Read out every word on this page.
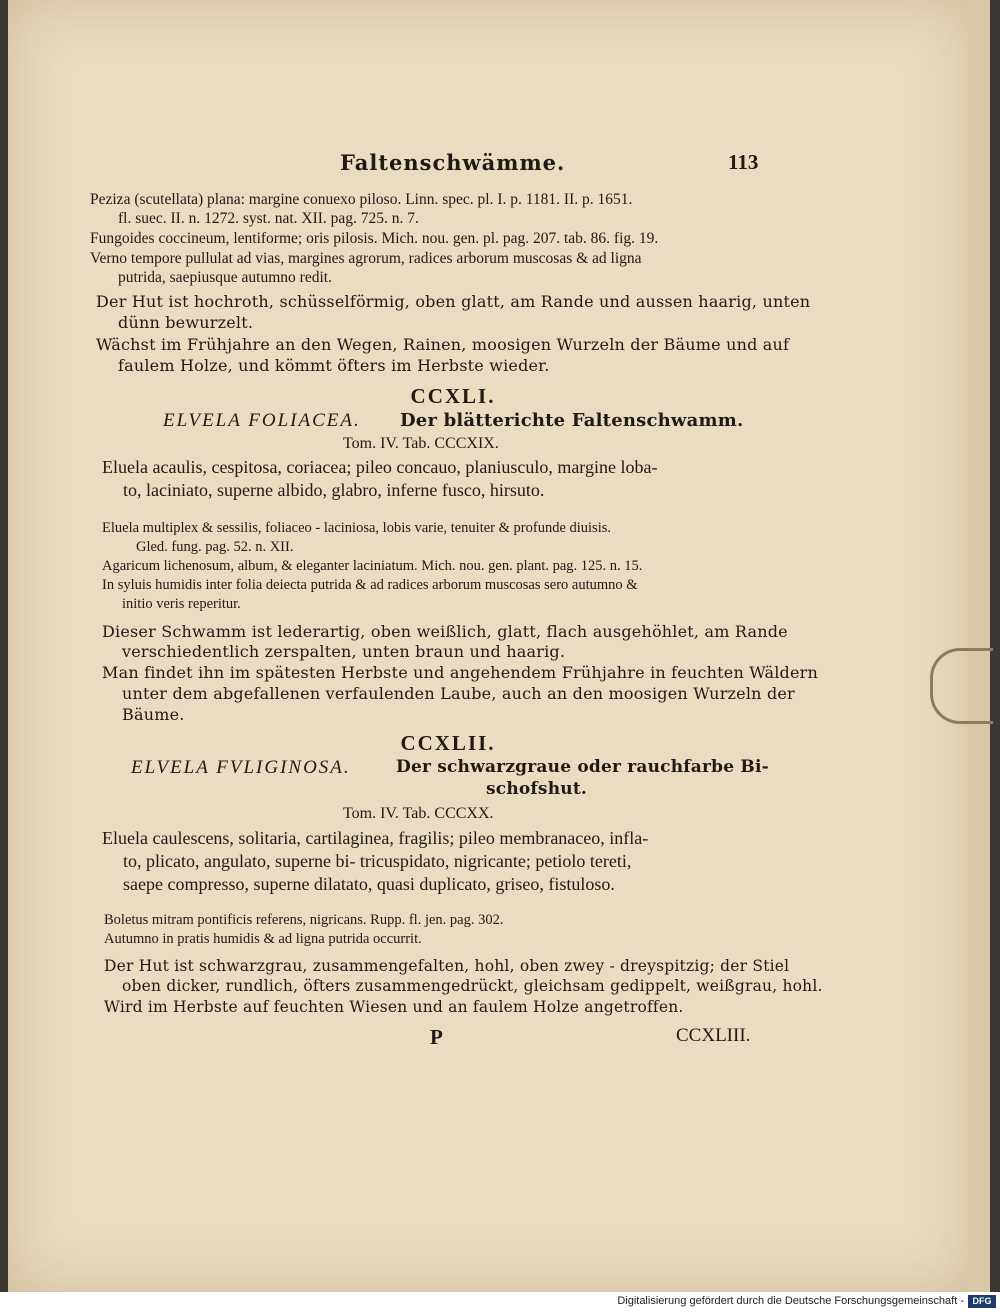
Faltenschwämme.	113
Peziza (scutellata) plana: margine conuexo piloso. Linn. spec. pl. I. p. 1181. II. p. 1651.
fl. suec. II. n. 1272. syst. nat. XII. pag. 725. n. 7.
Fungoides coccineum, lentiforme; oris pilosis. Mich. nou. gen. pl. pag. 207. tab. 86. fig. 19.
Verno tempore pullulat ad vias, margines agrorum, radices arborum muscosas & ad ligna
putrida, saepiusque autumno redit.
Der Hut ist hochroth, schüsselförmig, oben glatt, am Rande und aussen haarig, unten
dünn bewurzelt.
Wächst im Frühjahre an den Wegen, Rainen, moosigen Wurzeln der Bäume und auf
faulem Holze, und kömmt öfters im Herbste wieder.
CCXLI.
ELVELA FOLIACEA. Der blätterichte Faltenschwamm.
Tom. IV. Tab. CCCXIX.
Eluela acaulis, cespitosa, coriacea; pileo concauo, planiusculo, margine loba-
to, laciniato, superne albido, glabro, inferne fusco, hirsuto.
Eluela multiplex & sessilis, foliaceo - laciniosa, lobis varie, tenuiter & profunde diuisis.
Gled. fung. pag. 52. n. XII.
Agaricum lichenosum, album, & eleganter laciniatum. Mich. nou. gen. plant. pag. 125. n. 15.
In syluis humidis inter folia deiecta putrida & ad radices arborum muscosas sero autumno &
initio veris reperitur.
Dieser Schwamm ist lederartig, oben weißlich, glatt, flach ausgehöhlet, am Rande
verschiedentlich zerspalten, unten braun und haarig.
Man findet ihn im spätesten Herbste und angehendem Frühjahre in feuchten Wäldern
unter dem abgefallenen verfaulenden Laube, auch an den moosigen Wurzeln der
Bäume.
CCXLII.
ELVELA FVLIGINOSA.	Der schwarzgraue oder rauchfarbe Bi-
schofshut.
Tom. IV. Tab. CCCXX.
Eluela caulescens, solitaria, cartilaginea, fragilis; pileo membranaceo, infla-
to, plicato, angulato, superne bi- tricuspidato, nigricante; petiolo tereti,
saepe compresso, superne dilatato, quasi duplicato, griseo, fistuloso.
Boletus mitram pontificis referens, nigricans. Rupp. fl. jen. pag. 302.
Autumno in pratis humidis & ad ligna putrida occurrit.
Der Hut ist schwarzgrau, zusammengefalten, hohl, oben zwey - dreyspitzig; der Stiel
oben dicker, rundlich, öfters zusammengedrückt, gleichsam gedippelt, weißgrau, hohl.
Wird im Herbste auf feuchten Wiesen und an faulem Holze angetroffen.
P	CCXLIII.
Digitalisierung gefördert durch die Deutsche Forschungsgemeinschaft - DFG
